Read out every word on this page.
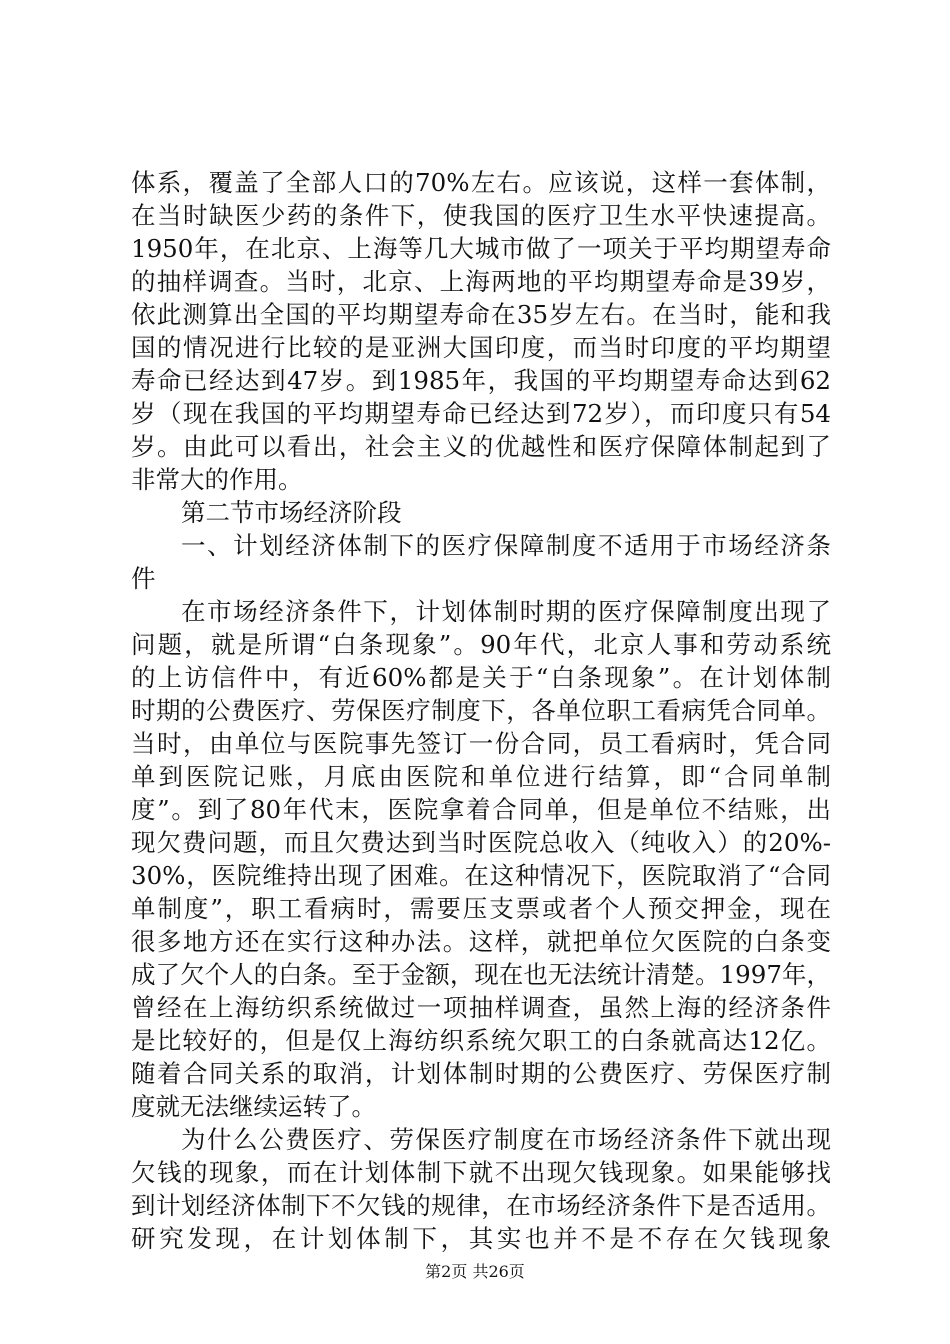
体系，覆盖了全部人口的70%左右。应该说，这样一套体制，
在当时缺医少药的条件下，使我国的医疗卫生水平快速提高。
1950年，在北京、上海等几大城市做了一项关于平均期望寿命
的抽样调查。当时，北京、上海两地的平均期望寿命是39岁，
依此测算出全国的平均期望寿命在35岁左右。在当时，能和我
国的情况进行比较的是亚洲大国印度，而当时印度的平均期望
寿命已经达到47岁。到1985年，我国的平均期望寿命达到62
岁（现在我国的平均期望寿命已经达到72岁），而印度只有54
岁。由此可以看出，社会主义的优越性和医疗保障体制起到了
非常大的作用。
第二节市场经济阶段
一、计划经济体制下的医疗保障制度不适用于市场经济条
件
在市场经济条件下，计划体制时期的医疗保障制度出现了
问题，就是所谓“白条现象”。90年代，北京人事和劳动系统
的上访信件中，有近60%都是关于“白条现象”。在计划体制
时期的公费医疗、劳保医疗制度下，各单位职工看病凭合同单。
当时，由单位与医院事先签订一份合同，员工看病时，凭合同
单到医院记账，月底由医院和单位进行结算，即“合同单制
度”。到了80年代末，医院拿着合同单，但是单位不结账，出
现欠费问题，而且欠费达到当时医院总收入（纯收入）的20%-
30%，医院维持出现了困难。在这种情况下，医院取消了“合同
单制度”，职工看病时，需要压支票或者个人预交押金，现在
很多地方还在实行这种办法。这样，就把单位欠医院的白条变
成了欠个人的白条。至于金额，现在也无法统计清楚。1997年，
曾经在上海纺织系统做过一项抽样调查，虽然上海的经济条件
是比较好的，但是仅上海纺织系统欠职工的白条就高达12亿。
随着合同关系的取消，计划体制时期的公费医疗、劳保医疗制
度就无法继续运转了。
为什么公费医疗、劳保医疗制度在市场经济条件下就出现
欠钱的现象，而在计划体制下就不出现欠钱现象。如果能够找
到计划经济体制下不欠钱的规律，在市场经济条件下是否适用。
研究发现，在计划体制下，其实也并不是不存在欠钱现象
第2页 共26页
